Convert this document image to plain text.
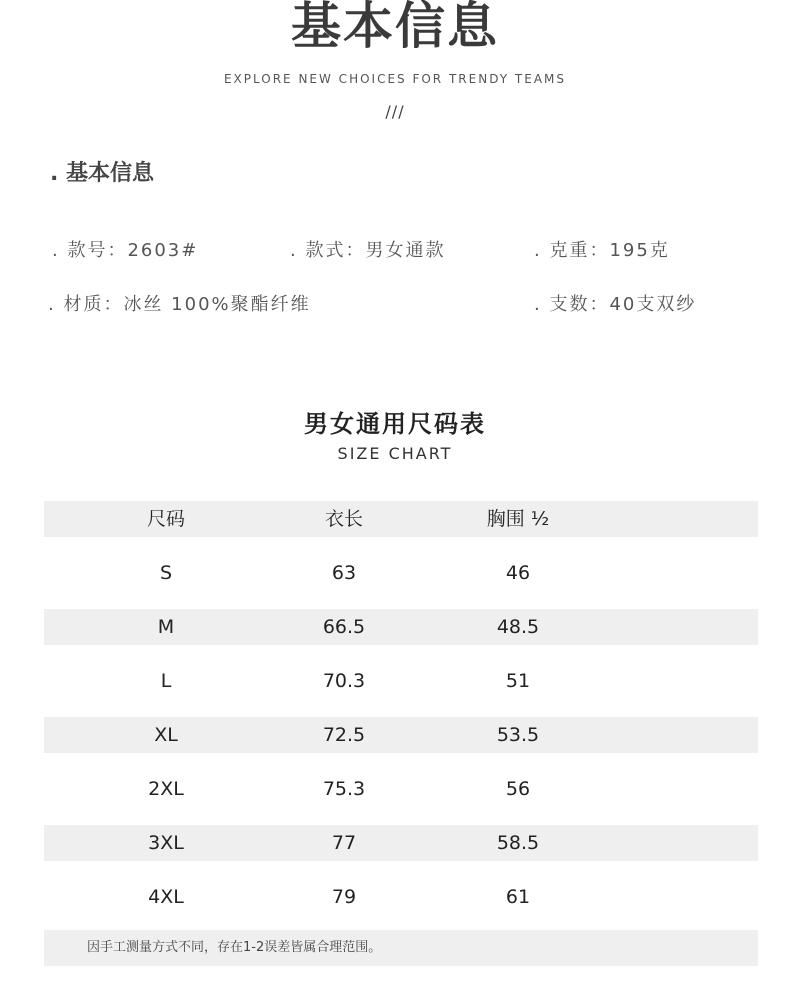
基本信息
EXPLORE NEW CHOICES FOR TRENDY TEAMS
///
. 基本信息
. 款号：2603#	. 款式：男女通款	. 克重：195克
. 材质：冰丝 100%聚酯纤维	. 支数：40支双纱
男女通用尺码表
SIZE CHART
尺码	衣长	胸围 ½
S	63	46
M	66.5	48.5
L	70.3	51
XL	72.5	53.5
2XL	75.3	56
3XL	77	58.5
4XL	79	61
因手工测量方式不同，存在1-2误差皆属合理范围。
